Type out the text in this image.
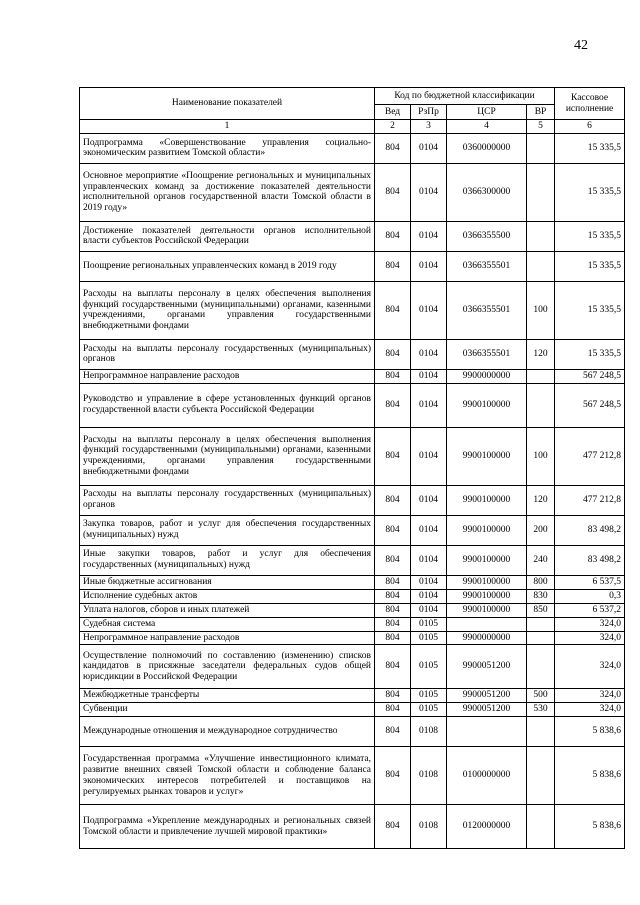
42
Наименование показателей	Код по бюджетной классификации				Кассовое исполнение
	Вед	РзПр	ЦСР	ВР	
1	2	3	4	5	6
Подпрограмма «Совершенствование управления социально-экономическим развитием Томской области»	804	0104	0360000000		15 335,5
Основное мероприятие «Поощрение региональных и муниципальных управленческих команд за достижение показателей деятельности исполнительной органов государственной власти Томской области в 2019 году»	804	0104	0366300000		15 335,5
Достижение показателей деятельности органов исполнительной власти субъектов Российской Федерации	804	0104	0366355500		15 335,5
Поощрение региональных управленческих команд в 2019 году	804	0104	0366355501		15 335,5
Расходы на выплаты персоналу в целях обеспечения выполнения функций государственными (муниципальными) органами, казенными учреждениями, органами управления государственными внебюджетными фондами	804	0104	0366355501	100	15 335,5
Расходы на выплаты персоналу государственных (муниципальных) органов	804	0104	0366355501	120	15 335,5
Непрограммное направление расходов	804	0104	9900000000		567 248,5
Руководство и управление в сфере установленных функций органов государственной власти субъекта Российской Федерации	804	0104	9900100000		567 248,5
Расходы на выплаты персоналу в целях обеспечения выполнения функций государственными (муниципальными) органами, казенными учреждениями, органами управления государственными внебюджетными фондами	804	0104	9900100000	100	477 212,8
Расходы на выплаты персоналу государственных (муниципальных) органов	804	0104	9900100000	120	477 212,8
Закупка товаров, работ и услуг для обеспечения государственных (муниципальных) нужд	804	0104	9900100000	200	83 498,2
Иные закупки товаров, работ и услуг для обеспечения государственных (муниципальных) нужд	804	0104	9900100000	240	83 498,2
Иные бюджетные ассигнования	804	0104	9900100000	800	6 537,5
Исполнение судебных актов	804	0104	9900100000	830	0,3
Уплата налогов, сборов и иных платежей	804	0104	9900100000	850	6 537,2
Судебная система	804	0105			324,0
Непрограммное направление расходов	804	0105	9900000000		324,0
Осуществление полномочий по составлению (изменению) списков кандидатов в присяжные заседатели федеральных судов общей юрисдикции в Российской Федерации	804	0105	9900051200		324,0
Межбюджетные трансферты	804	0105	9900051200	500	324,0
Субвенции	804	0105	9900051200	530	324,0
Международные отношения и международное сотрудничество	804	0108			5 838,6
Государственная программа «Улучшение инвестиционного климата, развитие внешних связей Томской области и соблюдение баланса экономических интересов потребителей и поставщиков на регулируемых рынках товаров и услуг»	804	0108	0100000000		5 838,6
Подпрограмма «Укрепление международных и региональных связей Томской области и привлечение лучшей мировой практики»	804	0108	0120000000		5 838,6
